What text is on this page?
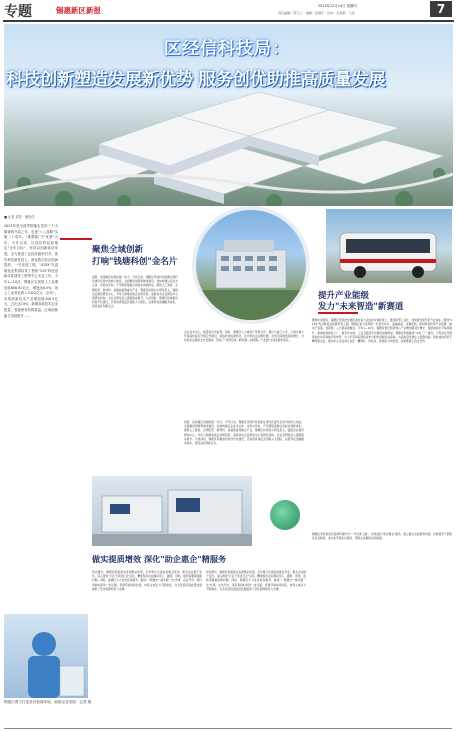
专题	锡惠新区新报	2023年12月14日 星期四
责任编辑：陈玉人 · 编辑：孙翔宇 · 校对：张莉莉 · 王佳	7
区经信科技局：
科技创新塑造发展新优势 服务创优助推高质量发展
■ 记者 刘龙 · 徐佳佳
2023年是全面贯彻落实党的二十大精神的开局之年，也是"八八战略"实施二十周年。"重塑新门户优势"五年，今年以来，区经信科技局锚定"全年目标"，坚持以创新驱动发展，全力推进工业经济稳步回升，抓牢科技研发投入，深化数字经济创新提质，一号发展工程，"415X"先进制造业集群培育工程和"315"科技创新体系建设工程等中心大局工作。今年1—10月，锡惠区实现规上工业增加值606.92亿元，增速达6.5%；规上工业营业收入2422亿元（全年）；实现高新技术产业增加值450.3亿元，占比达74%；新增高新技术企业数量，省级研发机构数量，区域创新能力持续提升……
聚焦全域创新
打响"钱塘科创"金名片
提升产业能级
发力"未来智造"新赛道
创新，是钱塘区发展的第一动力。今年以来，锡惠区坚持科技创新在现代化建设全局中的核心地位，全面推进创新型城市建设，加快构建以企业为主体、市场为导向、产学研深度融合的技术创新体系。围绕人工智能、生物医药、新材料、高端装备等重点产业，锡惠区持续加大研发投入，鼓励企业建设研发中心，今年已新增省级企业研究院、高新技术企业研发中心等研发机构，全社会研发投入强度稳步提升。与此同时，锡惠区积极推动科创平台建设，引进培育高层次创新人才团队，完善科技金融服务体系，营造良好创新生态。
企业技术中心，数量居全市前列。同时，锡惠区大力推进产学研合作，累计与浙江大学、上海交通大学等高校院所开展合作项目，促成科技成果转化。区内科技企业孵化器、众创空间数量持续增长，为初创企业提供全方位服务，形成了"众创空间—孵化器—加速器—产业园"全链条孵化体系。
创新，是钱塘区发展的第一动力。今年以来，锡惠区坚持科技创新在现代化建设全局中的核心地位，全面推进创新型城市建设，加快构建以企业为主体、市场为导向、产学研深度融合的技术创新体系。围绕人工智能、生物医药、新材料、高端装备等重点产业，锡惠区持续加大研发投入，鼓励企业建设研发中心，今年已新增省级企业研究院、高新技术企业研发中心等研发机构，全社会研发投入强度稳步提升。与此同时，锡惠区积极推动科创平台建设，引进培育高层次创新人才团队，完善科技金融服务体系，营造良好创新生态。
聚焦未来智造，锡惠区坚持把发展经济的着力点放在实体经济上，推进新型工业化，加快建设现代化产业体系。围绕"415X"先进制造业集群培育工程，锡惠区着力培育新一代信息技术、高端装备、生物医药、新材料等优势产业集群，推动产业链、创新链、人才链深度融合。今年1—10月，锡惠区数字经济核心产业增加值同比增长，智能制造水平持续提升，新增省级智能工厂、数字化车间，工业互联网平台建设成效明显。锡惠区积极推进"未来工厂"建设，引导企业开展智能化改造和数字化转型，全力打造具有国际竞争力的先进制造业基地，为高质量发展注入强劲动能。同时加快培育专精特新企业，推动中小企业向专业化、精细化、特色化、新颖化方向发展，在新赛道上抢占先机。
做实提质增效 深化"助企惠企"精服务
同比增长。锡惠区积极落实各项惠企政策，全年累计兑现各类惠企资金，惠及企业数千家次。深入推进"万名干部进万企"活动，精准帮扶企业解决用工、融资、用地、能耗等要素保障问题。同时，锡惠区大力优化政务服务，推进"一网通办""最多跑一次"改革，企业开办、项目审批时间进一步压缩，营商环境持续改善，市场主体活力不断激发，为全区经济高质量发展提供了坚实保障和有力支撑。
同比增长。锡惠区积极落实各项惠企政策，全年累计兑现各类惠企资金，惠及企业数千家次。深入推进"万名干部进万企"活动，精准帮扶企业解决用工、融资、用地、能耗等要素保障问题。同时，锡惠区大力优化政务服务，推进"一网通办""最多跑一次"改革，企业开办、项目审批时间进一步压缩，营商环境持续改善，市场主体活力不断激发，为全区经济高质量发展提供了坚实保障和有力支撑。
锡惠区坚持把优化营商环境作为"一号改革工程"，持续深化"助企惠企"服务。建立健全企业服务机制，实施领导干部联系企业制度，常态化开展走访服务，帮助企业解决实际困难。
锡惠区着力打造良好营商环境，助推企业发展 · 记者 摄
